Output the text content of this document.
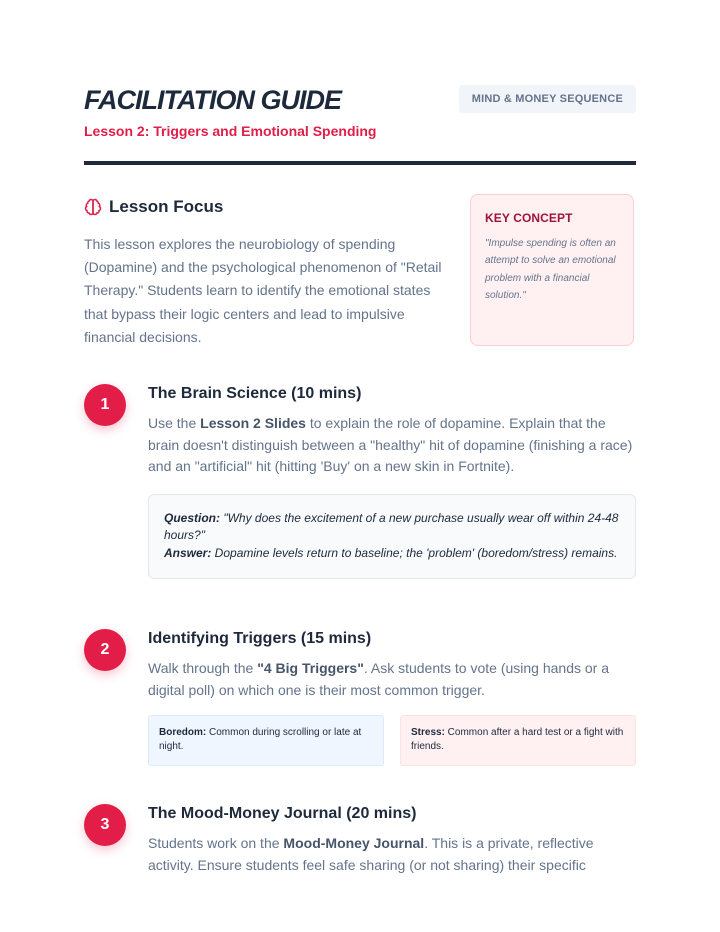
FACILITATION GUIDE
Lesson 2: Triggers and Emotional Spending
MIND & MONEY SEQUENCE
Lesson Focus
This lesson explores the neurobiology of spending (Dopamine) and the psychological phenomenon of "Retail Therapy." Students learn to identify the emotional states that bypass their logic centers and lead to impulsive financial decisions.
KEY CONCEPT
"Impulse spending is often an attempt to solve an emotional problem with a financial solution."
1
The Brain Science (10 mins)
Use the Lesson 2 Slides to explain the role of dopamine. Explain that the brain doesn't distinguish between a "healthy" hit of dopamine (finishing a race) and an "artificial" hit (hitting 'Buy' on a new skin in Fortnite).
Question: "Why does the excitement of a new purchase usually wear off within 24-48 hours?"
Answer: Dopamine levels return to baseline; the 'problem' (boredom/stress) remains.
2
Identifying Triggers (15 mins)
Walk through the "4 Big Triggers". Ask students to vote (using hands or a digital poll) on which one is their most common trigger.
Boredom: Common during scrolling or late at night.
Stress: Common after a hard test or a fight with friends.
3
The Mood-Money Journal (20 mins)
Students work on the Mood-Money Journal. This is a private, reflective activity. Ensure students feel safe sharing (or not sharing) their specific
